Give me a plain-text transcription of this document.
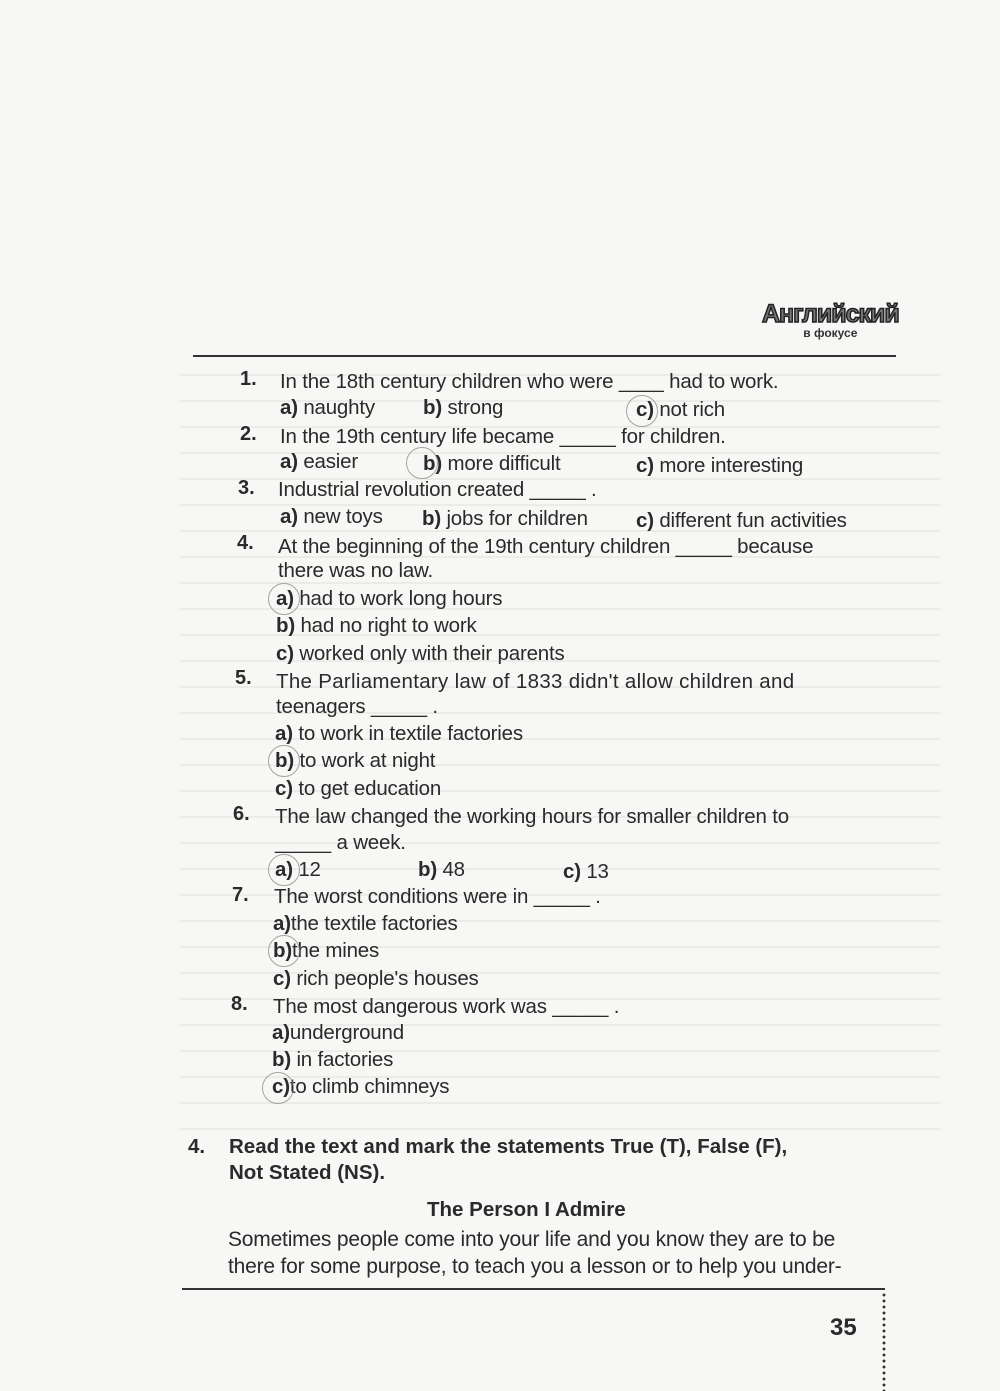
Английский
в фокусе
1. In the 18th century children who were ____ had to work.
a) naughty b) strong	c) not rich
2. In the 19th century life became _____ for children.
a) easier	b) more difficult	c) more interesting
3. Industrial revolution created _____ .
a) new toys b) jobs for children c) different fun activities
4. At the beginning of the 19th century children _____ because
there was no law.
a) had to work long hours
b) had no right to work
c) worked only with their parents
5. The Parliamentary law of 1833 didn't allow children and
teenagers _____ .
a) to work in textile factories
b) to work at night
c) to get education
6. The law changed the working hours for smaller children to
_____ a week.
a) 12	b) 48	c) 13
7. The worst conditions were in _____ .
a)the textile factories
b)the mines
c) rich people's houses
8. The most dangerous work was _____ .
a)underground
b) in factories
c)to climb chimneys
4. Read the text and mark the statements True (T), False (F),
Not Stated (NS).
The Person I Admire
Sometimes people come into your life and you know they are to be
there for some purpose, to teach you a lesson or to help you under-
35
